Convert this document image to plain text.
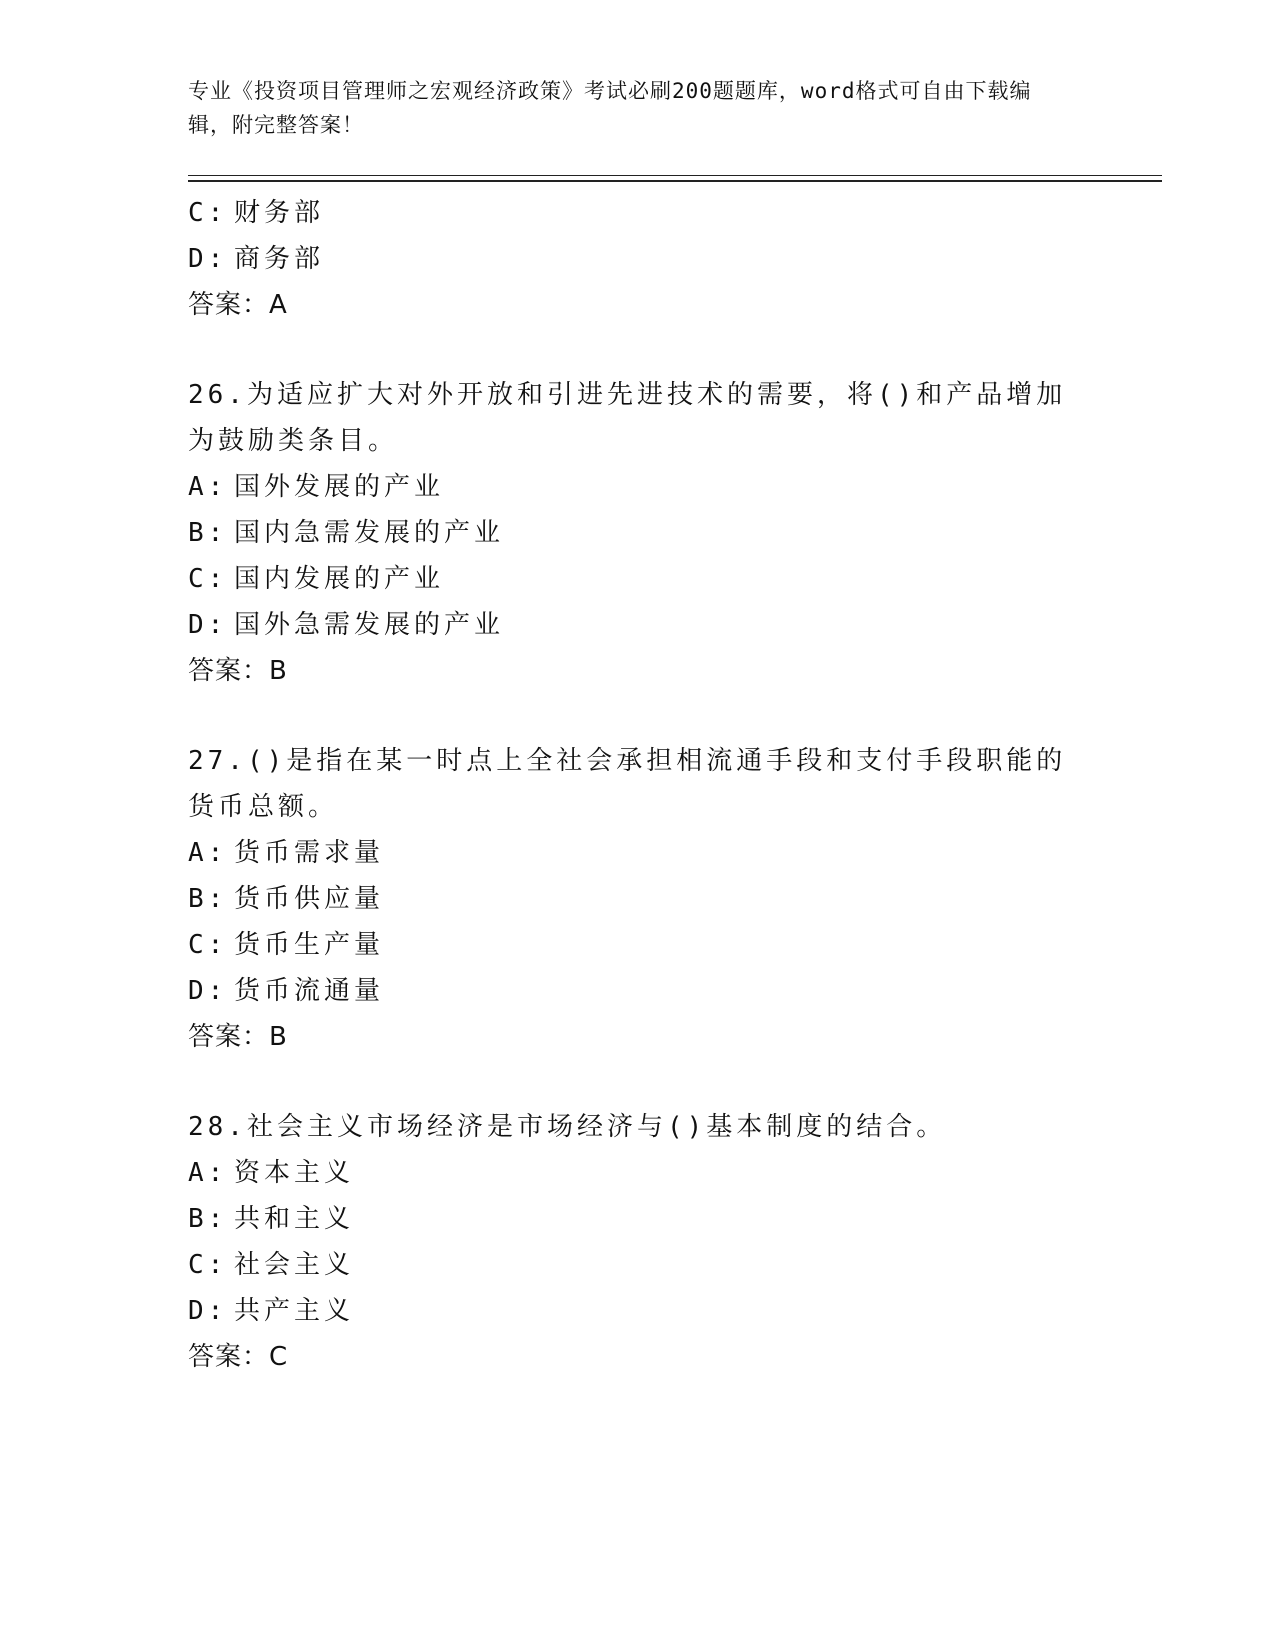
专业《投资项目管理师之宏观经济政策》考试必刷200题题库，word格式可自由下载编辑，附完整答案！
C: 财务部
D: 商务部
答案：A
26.为适应扩大对外开放和引进先进技术的需要，将()和产品增加为鼓励类条目。
A: 国外发展的产业
B: 国内急需发展的产业
C: 国内发展的产业
D: 国外急需发展的产业
答案：B
27.()是指在某一时点上全社会承担相流通手段和支付手段职能的货币总额。
A: 货币需求量
B: 货币供应量
C: 货币生产量
D: 货币流通量
答案：B
28.社会主义市场经济是市场经济与()基本制度的结合。
A: 资本主义
B: 共和主义
C: 社会主义
D: 共产主义
答案：C
